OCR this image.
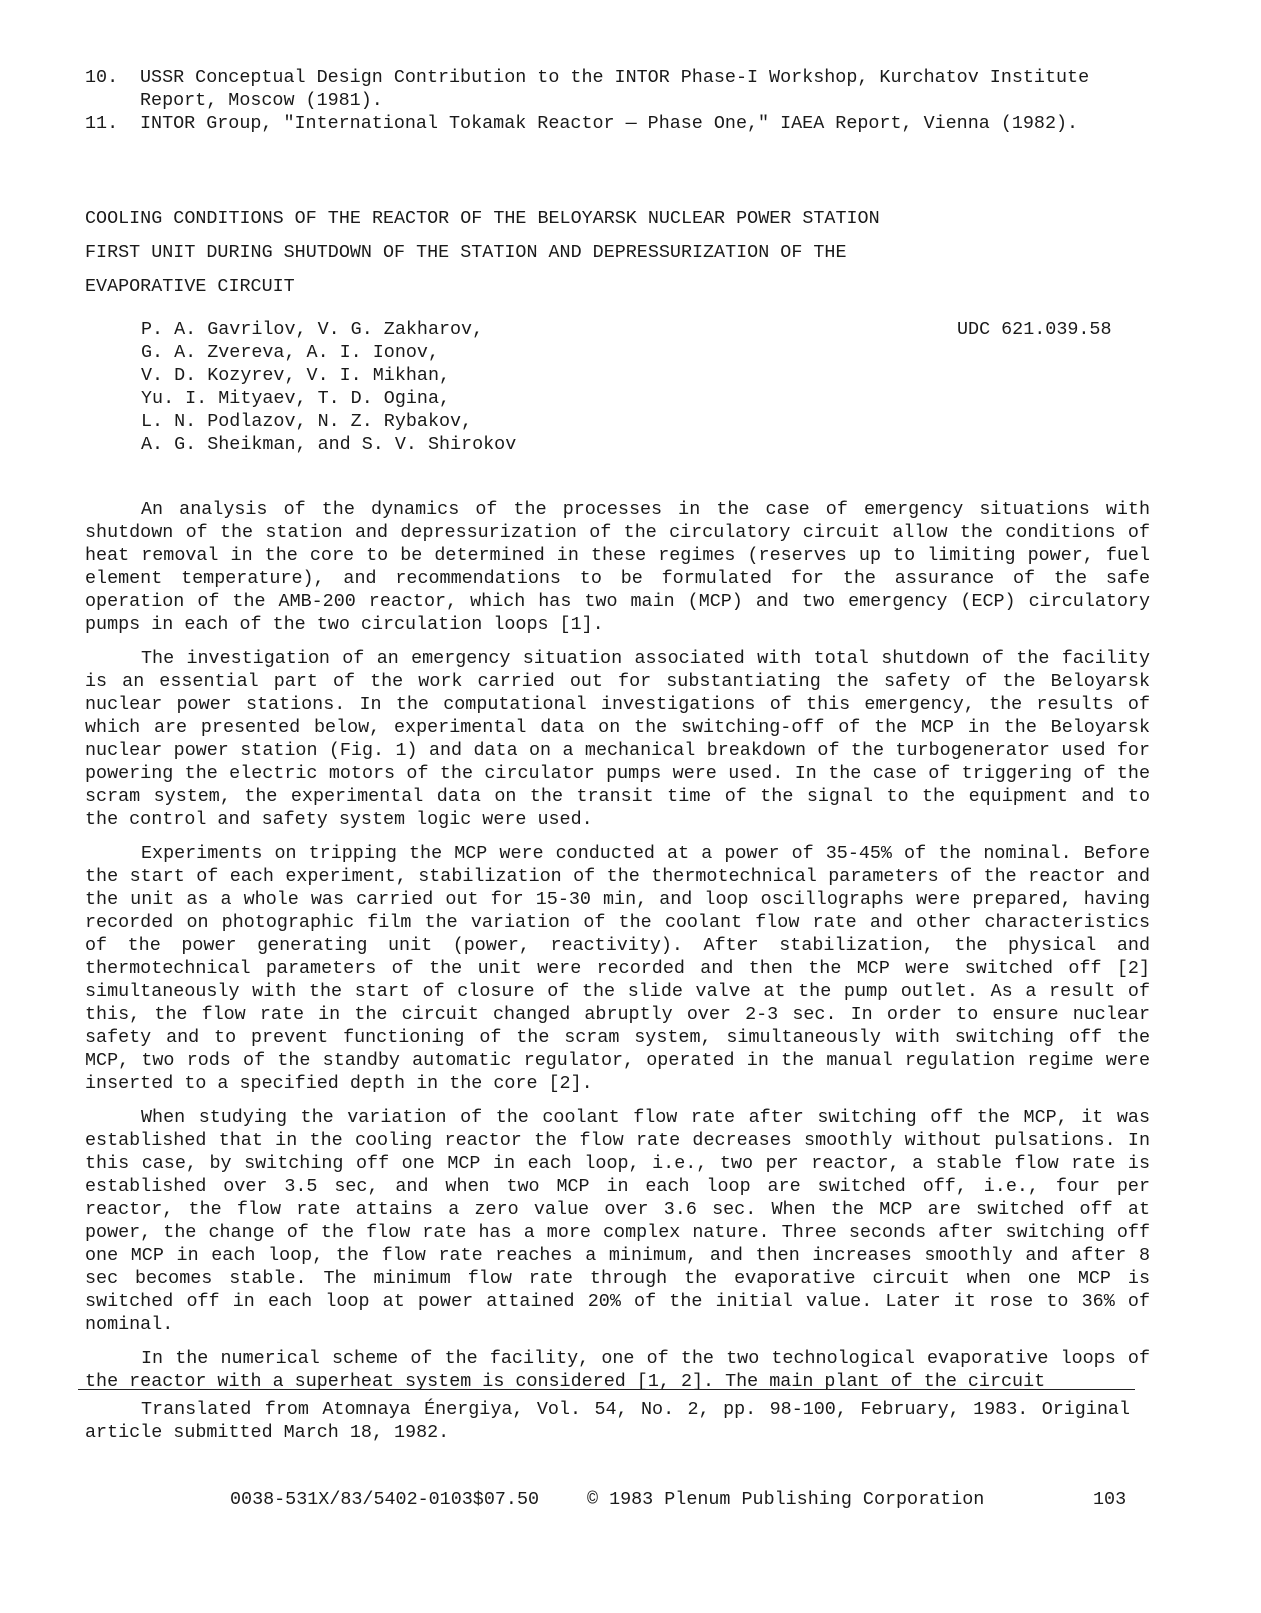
10.	USSR Conceptual Design Contribution to the INTOR Phase-I Workshop, Kurchatov Institute
Report, Moscow (1981).
11.	INTOR Group, "International Tokamak Reactor — Phase One," IAEA Report, Vienna (1982).
COOLING CONDITIONS OF THE REACTOR OF THE BELOYARSK NUCLEAR POWER STATION
FIRST UNIT DURING SHUTDOWN OF THE STATION AND DEPRESSURIZATION OF THE
EVAPORATIVE CIRCUIT
P. A. Gavrilov, V. G. Zakharov,
G. A. Zvereva, A. I. Ionov,
V. D. Kozyrev, V. I. Mikhan,
Yu. I. Mityaev, T. D. Ogina,
L. N. Podlazov, N. Z. Rybakov,
A. G. Sheikman, and S. V. Shirokov
UDC 621.039.58

An analysis of the dynamics of the processes in the case of emergency situations with shutdown of the station and depressurization of the circulatory circuit allow the conditions of heat removal in the core to be determined in these regimes (reserves up to limiting power, fuel element temperature), and recommendations to be formulated for the assurance of the safe operation of the AMB-200 reactor, which has two main (MCP) and two emergency (ECP) circulatory pumps in each of the two circulation loops [1].

The investigation of an emergency situation associated with total shutdown of the facility is an essential part of the work carried out for substantiating the safety of the Beloyarsk nuclear power stations. In the computational investigations of this emergency, the results of which are presented below, experimental data on the switching-off of the MCP in the Beloyarsk nuclear power station (Fig. 1) and data on a mechanical breakdown of the turbogenerator used for powering the electric motors of the circulator pumps were used. In the case of triggering of the scram system, the experimental data on the transit time of the signal to the equipment and to the control and safety system logic were used.

Experiments on tripping the MCP were conducted at a power of 35-45% of the nominal. Before the start of each experiment, stabilization of the thermotechnical parameters of the reactor and the unit as a whole was carried out for 15-30 min, and loop oscillographs were prepared, having recorded on photographic film the variation of the coolant flow rate and other characteristics of the power generating unit (power, reactivity). After stabilization, the physical and thermotechnical parameters of the unit were recorded and then the MCP were switched off [2] simultaneously with the start of closure of the slide valve at the pump outlet. As a result of this, the flow rate in the circuit changed abruptly over 2-3 sec. In order to ensure nuclear safety and to prevent functioning of the scram system, simultaneously with switching off the MCP, two rods of the standby automatic regulator, operated in the manual regulation regime were inserted to a specified depth in the core [2].

When studying the variation of the coolant flow rate after switching off the MCP, it was established that in the cooling reactor the flow rate decreases smoothly without pulsations. In this case, by switching off one MCP in each loop, i.e., two per reactor, a stable flow rate is established over 3.5 sec, and when two MCP in each loop are switched off, i.e., four per reactor, the flow rate attains a zero value over 3.6 sec. When the MCP are switched off at power, the change of the flow rate has a more complex nature. Three seconds after switching off one MCP in each loop, the flow rate reaches a minimum, and then increases smoothly and after 8 sec becomes stable. The minimum flow rate through the evaporative circuit when one MCP is switched off in each loop at power attained 20% of the initial value. Later it rose to 36% of nominal.

In the numerical scheme of the facility, one of the two technological evaporative loops of the reactor with a superheat system is considered [1, 2]. The main plant of the circuit

Translated from Atomnaya Énergiya, Vol. 54, No. 2, pp. 98-100, February, 1983. Original article submitted March 18, 1982.
0038-531X/83/5402-0103$07.50	© 1983 Plenum Publishing Corporation	103
